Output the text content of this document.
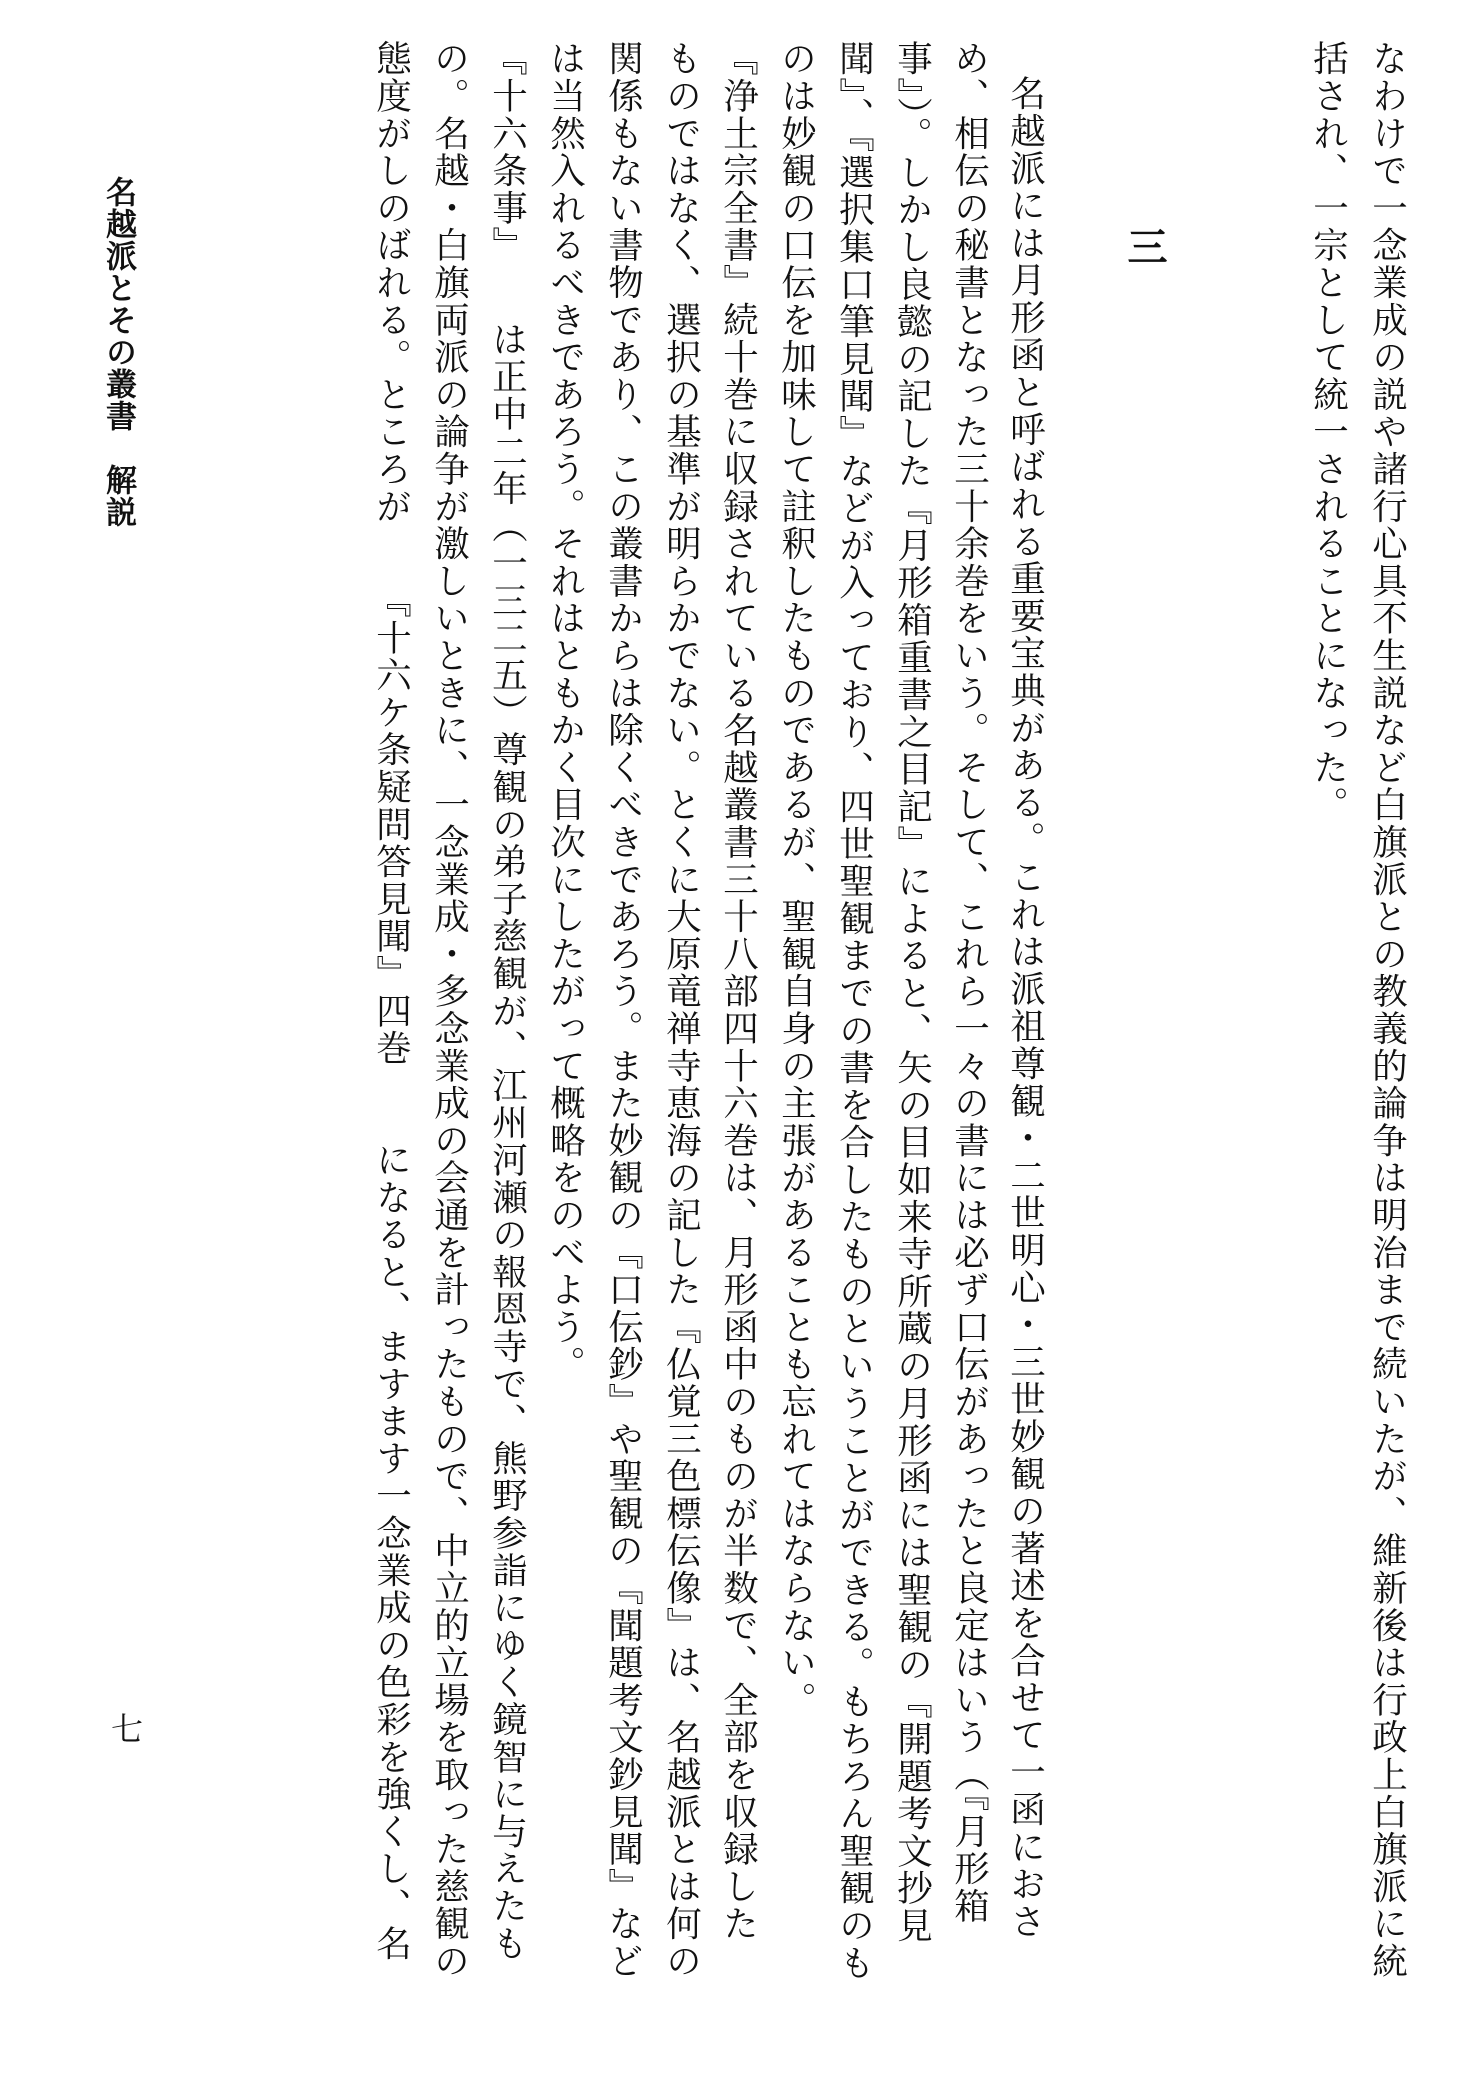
なわけで一念業成の説や諸行心具不生説など白旗派との教義的論争は明治まで続いたが、維新後は行政上白旗派に統
括され、一宗として統一されることになった。
三
名越派には月形函と呼ばれる重要宝典がある。これは派祖尊観・二世明心・三世妙観の著述を合せて一函におさ
め、相伝の秘書となった三十余巻をいう。そして、これら一々の書には必ず口伝があったと良定はいう（『月形箱
事』）。しかし良懿の記した『月形箱重書之目記』によると、矢の目如来寺所蔵の月形函には聖観の『開題考文抄見
聞』、『選択集口筆見聞』などが入っており、四世聖観までの書を合したものということができる。もちろん聖観のも
のは妙観の口伝を加味して註釈したものであるが、聖観自身の主張があることも忘れてはならない。
『浄土宗全書』続十巻に収録されている名越叢書三十八部四十六巻は、月形函中のものが半数で、全部を収録した
ものではなく、選択の基準が明らかでない。とくに大原竜禅寺恵海の記した『仏覚三色標伝像』は、名越派とは何の
関係もない書物であり、この叢書からは除くべきであろう。また妙観の『口伝鈔』や聖観の『聞題考文鈔見聞』など
は当然入れるべきであろう。それはともかく目次にしたがって概略をのべよう。
『十六条事』　　は正中二年（一三二五）尊観の弟子慈観が、江州河瀬の報恩寺で、熊野参詣にゆく鏡智に与えたも
の。名越・白旗両派の論争が激しいときに、一念業成・多念業成の会通を計ったもので、中立的立場を取った慈観の
態度がしのばれる。ところが　　『十六ケ条疑問答見聞』四巻　　になると、ますます一念業成の色彩を強くし、名
名越派とその叢書　解説
七
